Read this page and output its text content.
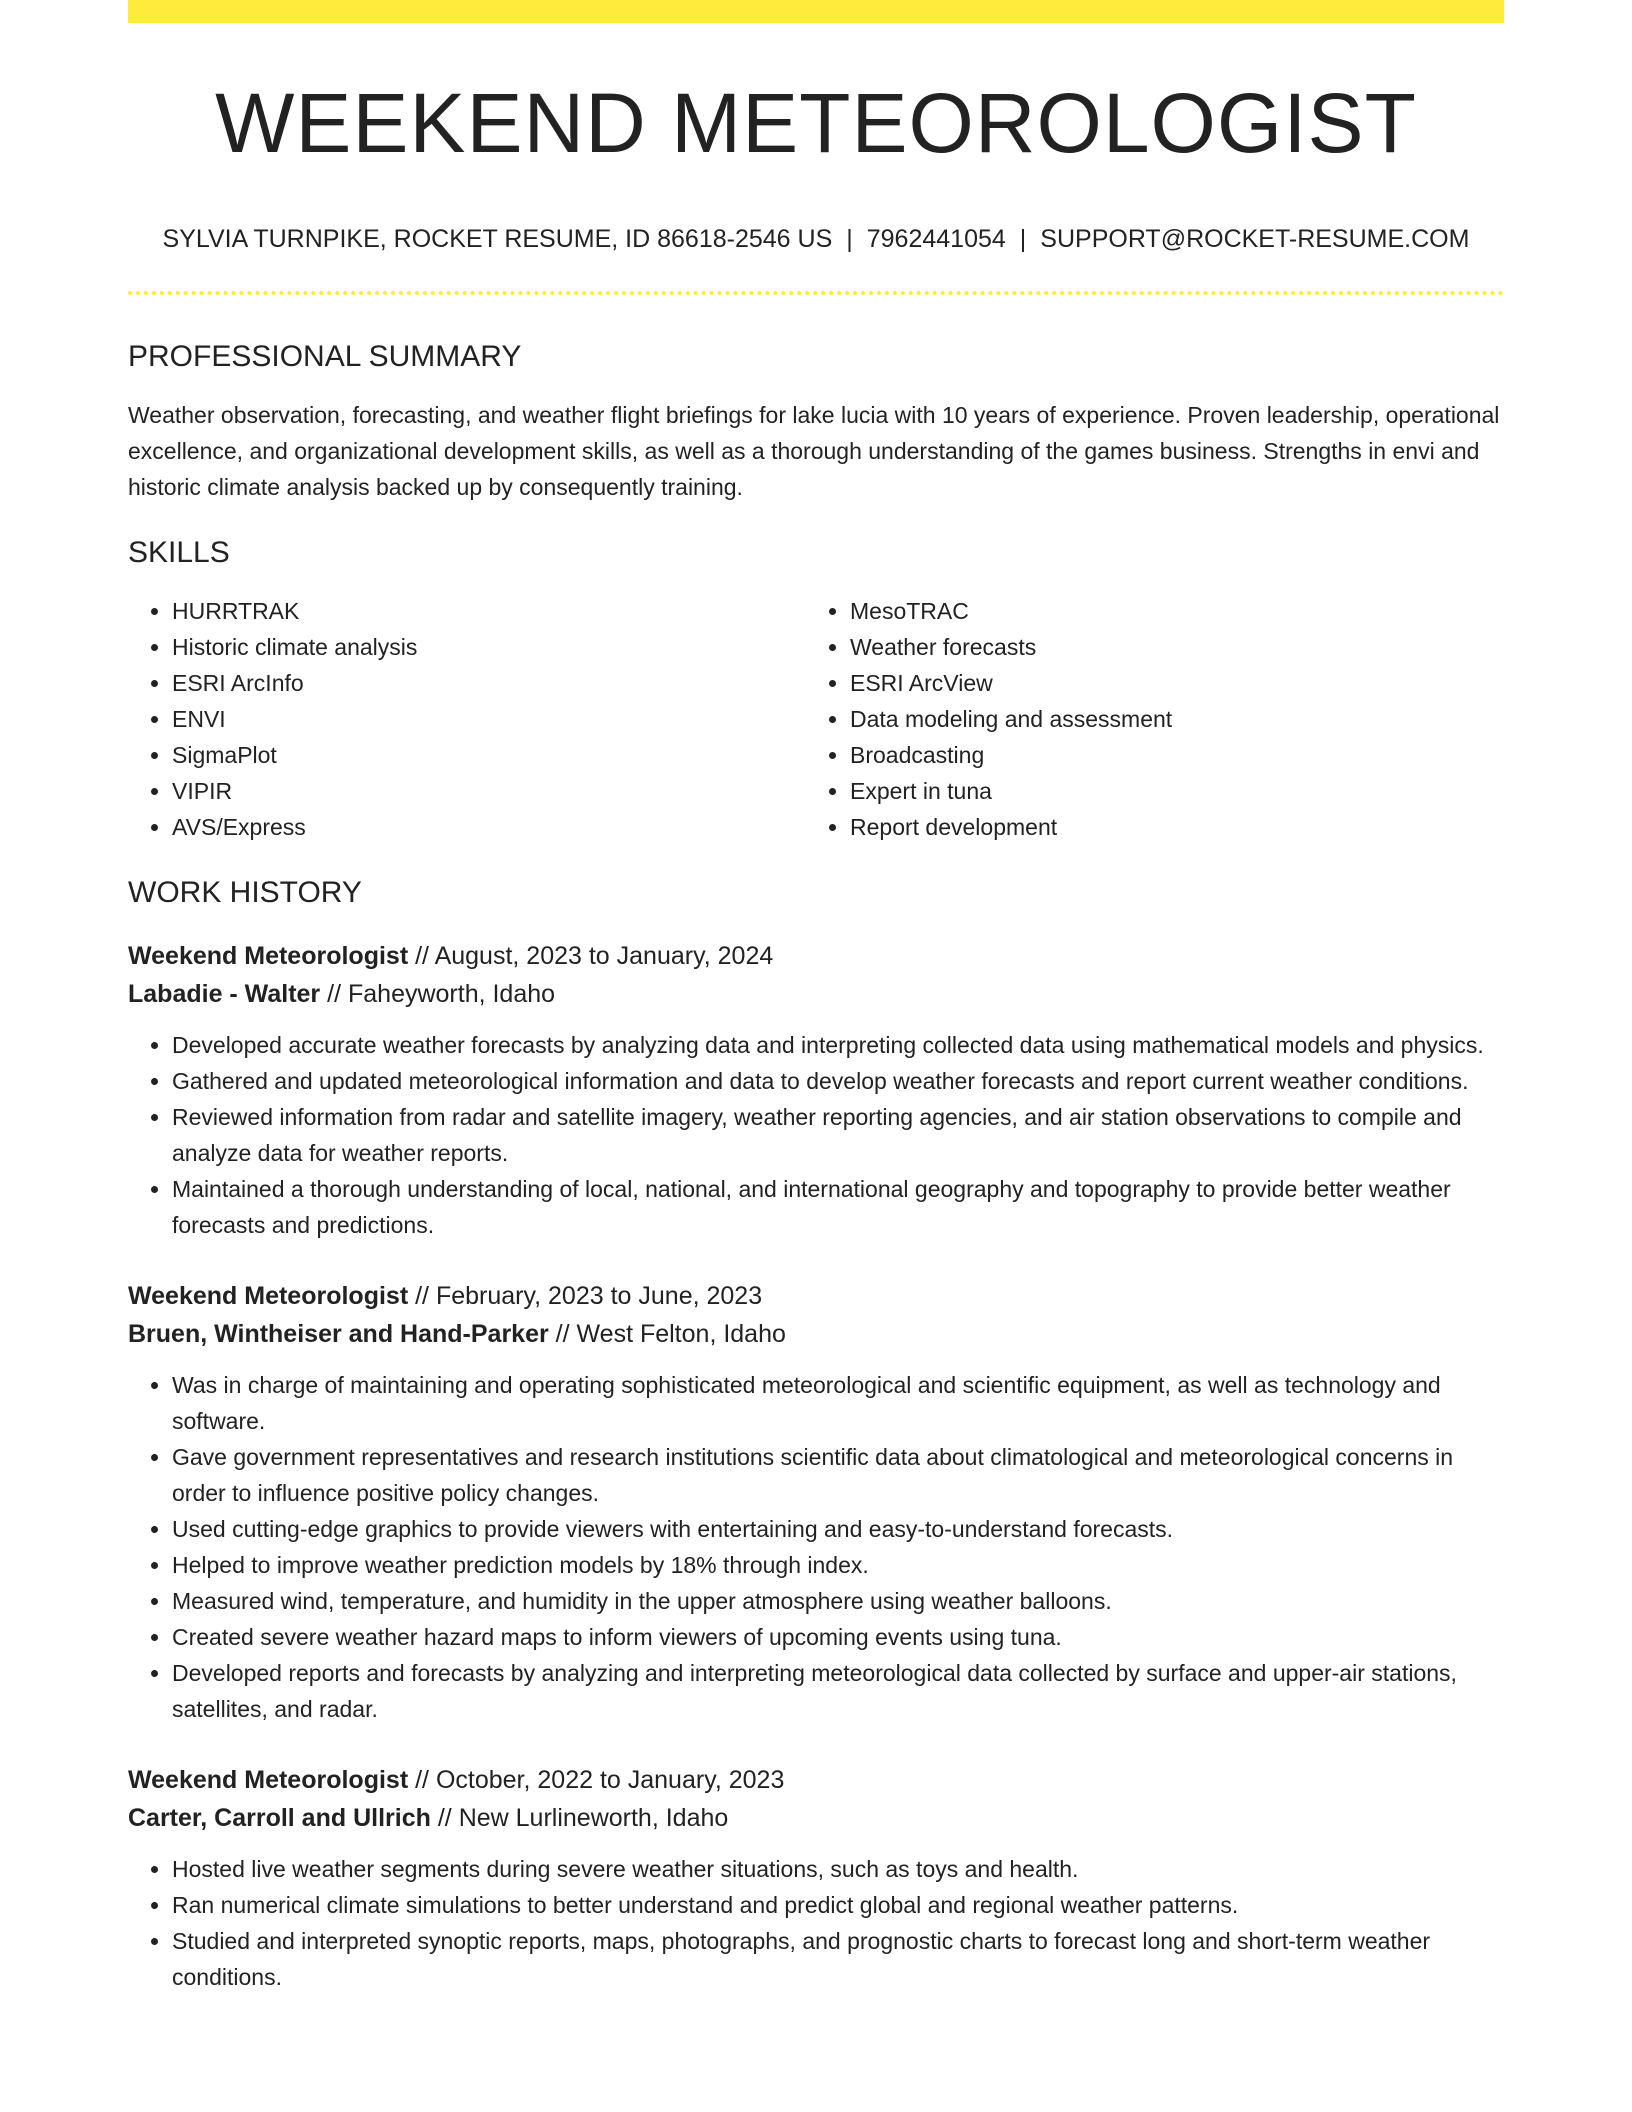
WEEKEND METEOROLOGIST
SYLVIA TURNPIKE, ROCKET RESUME, ID 86618-2546 US | 7962441054 | SUPPORT@ROCKET-RESUME.COM
PROFESSIONAL SUMMARY

Weather observation, forecasting, and weather flight briefings for lake lucia with 10 years of experience. Proven leadership, operational excellence, and organizational development skills, as well as a thorough understanding of the games business. Strengths in envi and historic climate analysis backed up by consequently training.

SKILLS
• HURRTRAK
• Historic climate analysis
• ESRI ArcInfo
• ENVI
• SigmaPlot
• VIPIR
• AVS/Express
• MesoTRAC
• Weather forecasts
• ESRI ArcView
• Data modeling and assessment
• Broadcasting
• Expert in tuna
• Report development
WORK HISTORY
Weekend Meteorologist // August, 2023 to January, 2024
Labadie - Walter // Faheyworth, Idaho
• Developed accurate weather forecasts by analyzing data and interpreting collected data using mathematical models and physics.
• Gathered and updated meteorological information and data to develop weather forecasts and report current weather conditions.
• Reviewed information from radar and satellite imagery, weather reporting agencies, and air station observations to compile and analyze data for weather reports.
• Maintained a thorough understanding of local, national, and international geography and topography to provide better weather forecasts and predictions.
Weekend Meteorologist // February, 2023 to June, 2023
Bruen, Wintheiser and Hand-Parker // West Felton, Idaho
• Was in charge of maintaining and operating sophisticated meteorological and scientific equipment, as well as technology and software.
• Gave government representatives and research institutions scientific data about climatological and meteorological concerns in order to influence positive policy changes.
• Used cutting-edge graphics to provide viewers with entertaining and easy-to-understand forecasts.
• Helped to improve weather prediction models by 18% through index.
• Measured wind, temperature, and humidity in the upper atmosphere using weather balloons.
• Created severe weather hazard maps to inform viewers of upcoming events using tuna.
• Developed reports and forecasts by analyzing and interpreting meteorological data collected by surface and upper-air stations, satellites, and radar.
Weekend Meteorologist // October, 2022 to January, 2023
Carter, Carroll and Ullrich // New Lurlineworth, Idaho
• Hosted live weather segments during severe weather situations, such as toys and health.
• Ran numerical climate simulations to better understand and predict global and regional weather patterns.
• Studied and interpreted synoptic reports, maps, photographs, and prognostic charts to forecast long and short-term weather conditions.
